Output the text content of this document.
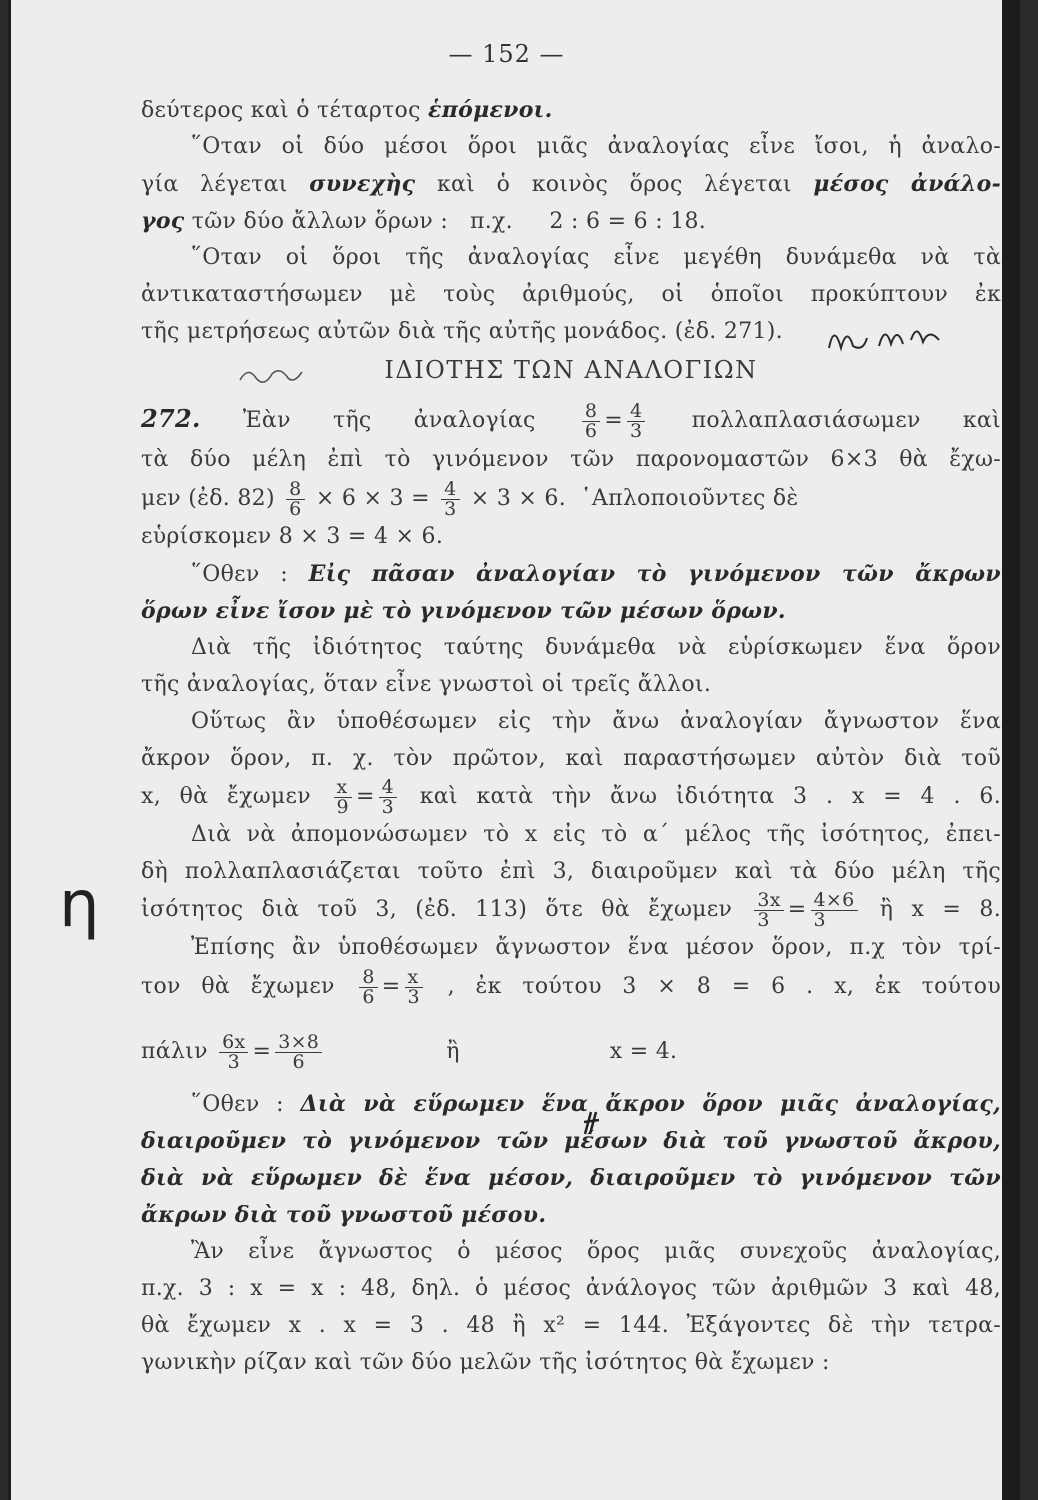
— 152 —
δεύτερος καὶ ὁ τέταρτος ἑπόμενοι.
῞Οταν οἱ δύο μέσοι ὅροι μιᾶς ἀναλογίας εἶνε ἴσοι, ἡ ἀναλο-
γία λέγεται συνεχὴς καὶ ὁ κοινὸς ὅρος λέγεται μέσος ἀνάλο-
γος τῶν δύο ἄλλων ὅρων :   π.χ.     2 : 6 = 6 : 18.
῞Οταν οἱ ὅροι τῆς ἀναλογίας εἶνε μεγέθη δυνάμεθα νὰ τὰ
ἀντικαταστήσωμεν μὲ τοὺς ἀριθμούς, οἱ ὁποῖοι προκύπτουν ἐκ
τῆς μετρήσεως αὐτῶν διὰ τῆς αὐτῆς μονάδος. (ἐδ. 271).
ΙΔΙΟΤΗΣ ΤΩΝ ΑΝΑΛΟΓΙΩΝ
272. Ἐὰν τῆς ἀναλογίας $\frac{8}{6} = \frac{4}{3}$ πολλαπλασιάσωμεν καὶ
τὰ δύο μέλη ἐπὶ τὸ γινόμενον τῶν παρονομαστῶν 6×3 θὰ ἔχω-
μεν (ἐδ. $82) \frac{8}{6} \times 6 \times 3 = \frac{4}{3} \times 3 \times 6$.  ῾Απλοποιοῦντες δὲ
εὑρίσκομεν 8 × 3 = 4 × 6.
῞Οθεν : Εἰς πᾶσαν ἀναλογίαν τὸ γινόμενον τῶν ἄκρων
ὅρων εἶνε ἴσον μὲ τὸ γινόμενον τῶν μέσων ὅρων.
Διὰ τῆς ἰδιότητος ταύτης δυνάμεθα νὰ εὑρίσκωμεν ἕνα ὅρον
τῆς ἀναλογίας, ὅταν εἶνε γνωστοὶ οἱ τρεῖς ἄλλοι.
Οὕτως ἂν ὑποθέσωμεν εἰς τὴν ἄνω ἀναλογίαν ἄγνωστον ἕνα
ἄκρον ὅρον, π. χ. τὸν πρῶτον, καὶ παραστήσωμεν αὐτὸν διὰ τοῦ
x, θὰ ἔχωμεν $\frac{x}{9} = \frac{4}{3}$ καὶ κατὰ τὴν ἄνω ἰδιότητα 3 . x = 4 . 6.
Διὰ νὰ ἀπομονώσωμεν τὸ x εἰς τὸ α΄ μέλος τῆς ἰσότητος, ἐπει-
δὴ πολλαπλασιάζεται τοῦτο ἐπὶ 3, διαιροῦμεν καὶ τὰ δύο μέλη τῆς
ἰσότητος διὰ τοῦ 3, (ἐδ. 113) ὅτε θὰ ἔχωμεν $\frac{3x}{3} = \frac{4\times 6}{3}$ ἢ x = 8.
Ἐπίσης ἂν ὑποθέσωμεν ἄγνωστον ἕνα μέσον ὅρον, π.χ τὸν τρί-
τον θὰ ἔχωμεν $\frac{8}{6} = \frac{x}{3}$ , ἐκ τούτου 3 × 8 = 6 . x, ἐκ τούτου
πάλιν $\frac{6x}{3} = \frac{3\times 8}{6}$	ἢ	x = 4.
῞Οθεν : Διὰ νὰ εὕρωμεν ἕνα ἄκρον ὅρον μιᾶς ἀναλογίας,
διαιροῦμεν τὸ γινόμενον τῶν μέσων διὰ τοῦ γνωστοῦ ἄκρου,
διὰ νὰ εὕρωμεν δὲ ἕνα μέσον, διαιροῦμεν τὸ γινόμενον τῶν
ἄκρων διὰ τοῦ γνωστοῦ μέσου.
Ἂν εἶνε ἄγνωστος ὁ μέσος ὅρος μιᾶς συνεχοῦς ἀναλογίας,
π.χ. 3 : x = x : 48, δηλ. ὁ μέσος ἀνάλογος τῶν ἀριθμῶν 3 καὶ 48,
θὰ ἔχωμεν x . x = 3 . 48 ἢ x² = 144. Ἐξάγοντες δὲ τὴν τετρα-
γωνικὴν ρίζαν καὶ τῶν δύο μελῶν τῆς ἰσότητος θὰ ἔχωμεν :
η
